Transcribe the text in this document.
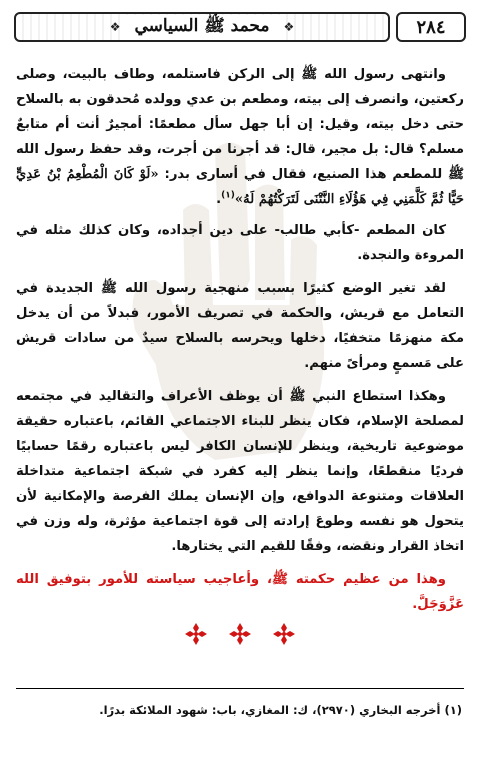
❖ محمد ﷺ السياسي	❖	٢٨٤

وانتهى رسول الله ﷺ إلى الركن فاستلمه، وطاف بالبيت، وصلى ركعتين، وانصرف إلى بيته، ومطعم بن عدي وولده مُحدقون به بالسلاح حتى دخل بيته، وقيل: إن أبا جهل سأل مطعمًا: أمجيرٌ أنت أم متابعٌ مسلم؟ قال: بل مجير، قال: قد أجرنا من أجرت، وقد حفظ رسول الله ﷺ للمطعم هذا الصنيع، فقال في أسارى بدر: «لَوْ كَانَ الْمُطْعِمُ بْنُ عَدِيٍّ حَيًّا ثُمَّ كَلَّمَنِي فِي هَؤُلَاءِ النَّتْنَى لَتَرَكْتُهُمْ لَهُ»$^{(١)}$.

كان المطعم -كأبي طالب- على دين أجداده، وكان كذلك مثله في المروءة والنجدة.

لقد تغير الوضع كثيرًا بسبب منهجية رسول الله ﷺ الجديدة في التعامل مع قريش، والحكمة في تصريف الأمور، فبدلاً من أن يدخل مكة منهزمًا متخفيًا، دخلها ويحرسه بالسلاح سيدٌ من سادات قريش على مَسمعٍ ومرأىً منهم.

وهكذا استطاع النبي ﷺ أن يوظف الأعراف والتقاليد في مجتمعه لمصلحة الإسلام، فكان ينظر للبناء الاجتماعي القائم، باعتباره حقيقة موضوعية تاريخية، وينظر للإنسان الكافر ليس باعتباره رقمًا حسابيًا فرديًا منقطعًا، وإنما ينظر إليه كفرد في شبكة اجتماعية متداخلة العلاقات ومتنوعة الدوافع، وإن الإنسان يملك الفرصة والإمكانية لأن يتحول هو نفسه وطوعَ إرادته إلى قوة اجتماعية مؤثرة، وله وزن في اتخاذ القرار ونقضه، وفقًا للقيم التي يختارها.

وهذا من عظيم حكمته ﷺ، وأعاجيب سياسته للأمور بتوفيق الله عَزَّوَجَلَّ.

(١) أخرجه البخاري (٢٩٧٠)، ك: المغازي، باب: شهود الملائكة بدرًا.
